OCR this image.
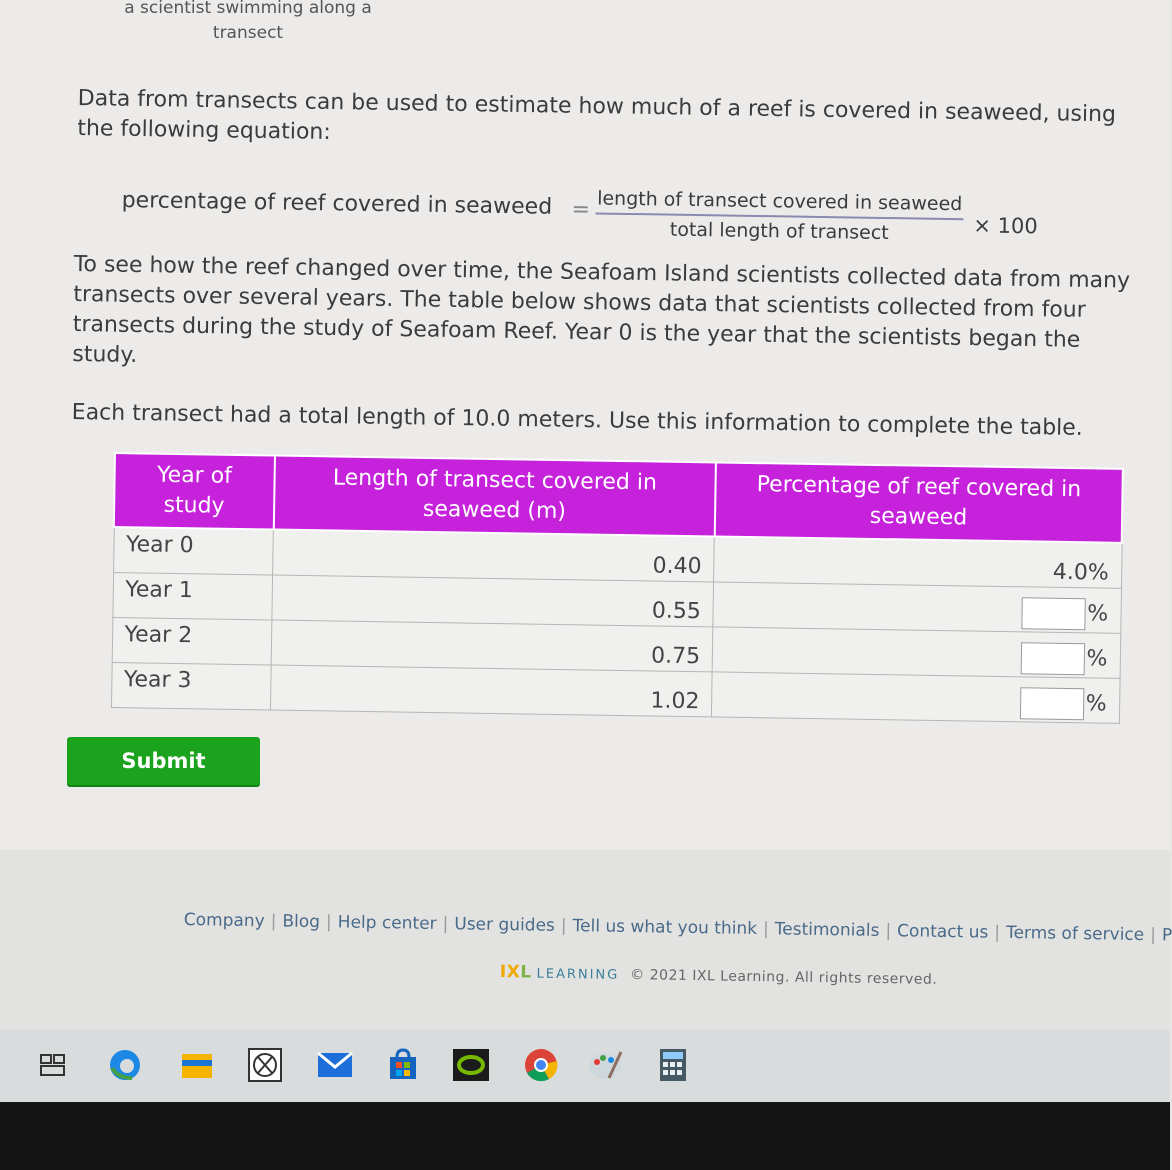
a scientist swimming along a
transect

Data from transects can be used to estimate how much of a reef is covered in seaweed, using the following equation:

percentage of reef covered in seaweed = length of transect covered in seaweed
total length of transect	× 100

To see how the reef changed over time, the Seafoam Island scientists collected data from many transects over several years. The table below shows data that scientists collected from four transects during the study of Seafoam Reef. Year 0 is the year that the scientists began the study.

Each transect had a total length of 10.0 meters. Use this information to complete the table.

Year of study	Length of transect covered in seaweed (m)	Percentage of reef covered in seaweed
Year 0	0.40	4.0%
Year 1	0.55	%
Year 2	0.75	%
Year 3	1.02	%
Submit
Company | Blog | Help center | User guides | Tell us what you think | Testimonials | Contact us | Terms of service | P
IXL LEARNING © 2021 IXL Learning. All rights reserved.
